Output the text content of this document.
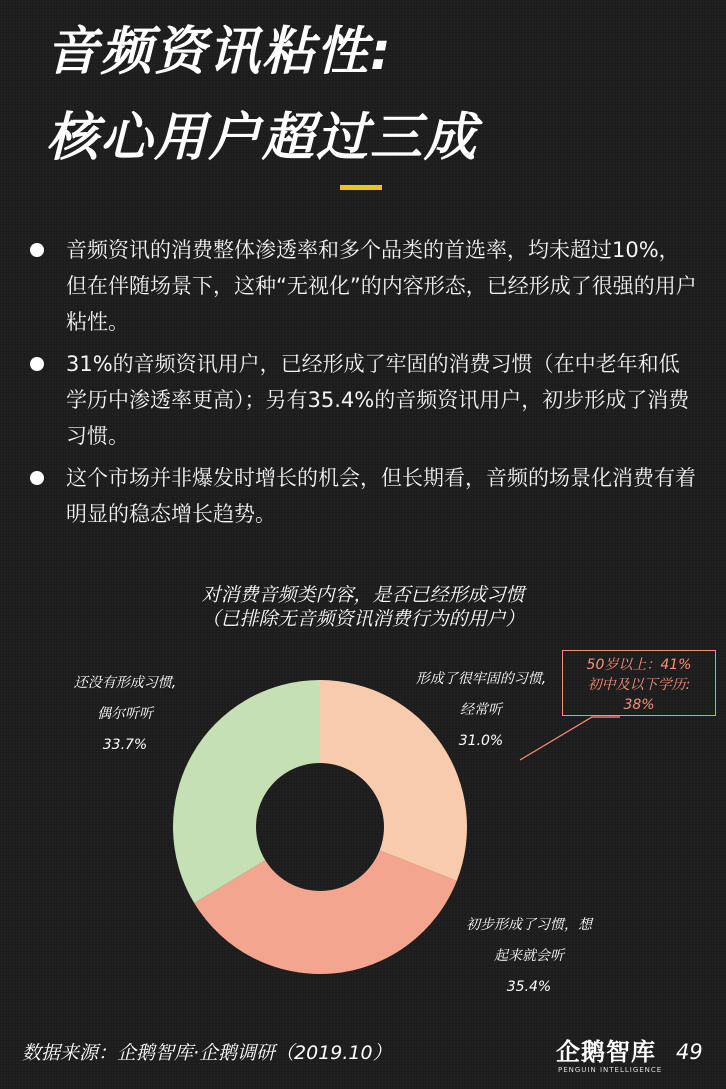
音频资讯粘性:
核心用户超过三成
音频资讯的消费整体渗透率和多个品类的首选率，均未超过10%，但在伴随场景下，这种“无视化”的内容形态，已经形成了很强的用户粘性。
31%的音频资讯用户，已经形成了牢固的消费习惯（在中老年和低学历中渗透率更高）；另有35.4%的音频资讯用户，初步形成了消费习惯。
这个市场并非爆发时增长的机会，但长期看，音频的场景化消费有着明显的稳态增长趋势。
对消费音频类内容，是否已经形成习惯
（已排除无音频资讯消费行为的用户）
还没有形成习惯,
偶尔听听
33.7%
形成了很牢固的习惯,
经常听
31.0%
初步形成了习惯，想
起来就会听
35.4%
50岁以上：41%
初中及以下学历:
38%
数据来源：企鹅智库·企鹅调研（2019.10）	企鹅智库
PENGUIN INTELLIGENCE
49
